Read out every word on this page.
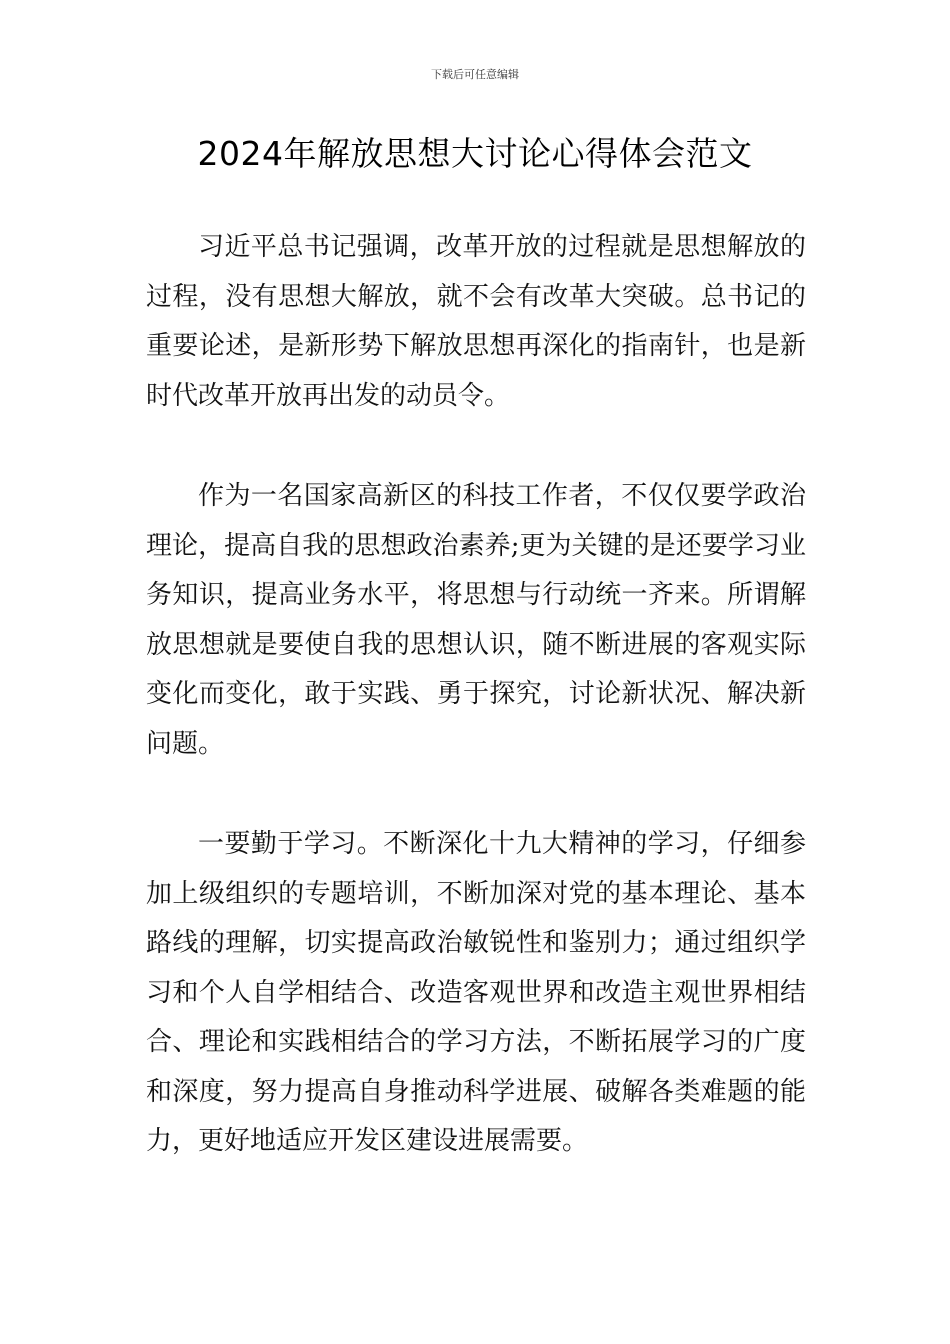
下载后可任意编辑
2024年解放思想大讨论心得体会范文

习近平总书记强调，改革开放的过程就是思想解放的过程，没有思想大解放，就不会有改革大突破。总书记的重要论述，是新形势下解放思想再深化的指南针，也是新时代改革开放再出发的动员令。

作为一名国家高新区的科技工作者，不仅仅要学政治理论，提高自我的思想政治素养;更为关键的是还要学习业务知识，提高业务水平，将思想与行动统一齐来。所谓解放思想就是要使自我的思想认识，随不断进展的客观实际变化而变化，敢于实践、勇于探究，讨论新状况、解决新问题。

一要勤于学习。不断深化十九大精神的学习，仔细参加上级组织的专题培训，不断加深对党的基本理论、基本路线的理解，切实提高政治敏锐性和鉴别力；通过组织学习和个人自学相结合、改造客观世界和改造主观世界相结合、理论和实践相结合的学习方法，不断拓展学习的广度和深度，努力提高自身推动科学进展、破解各类难题的能力，更好地适应开发区建设进展需要。
